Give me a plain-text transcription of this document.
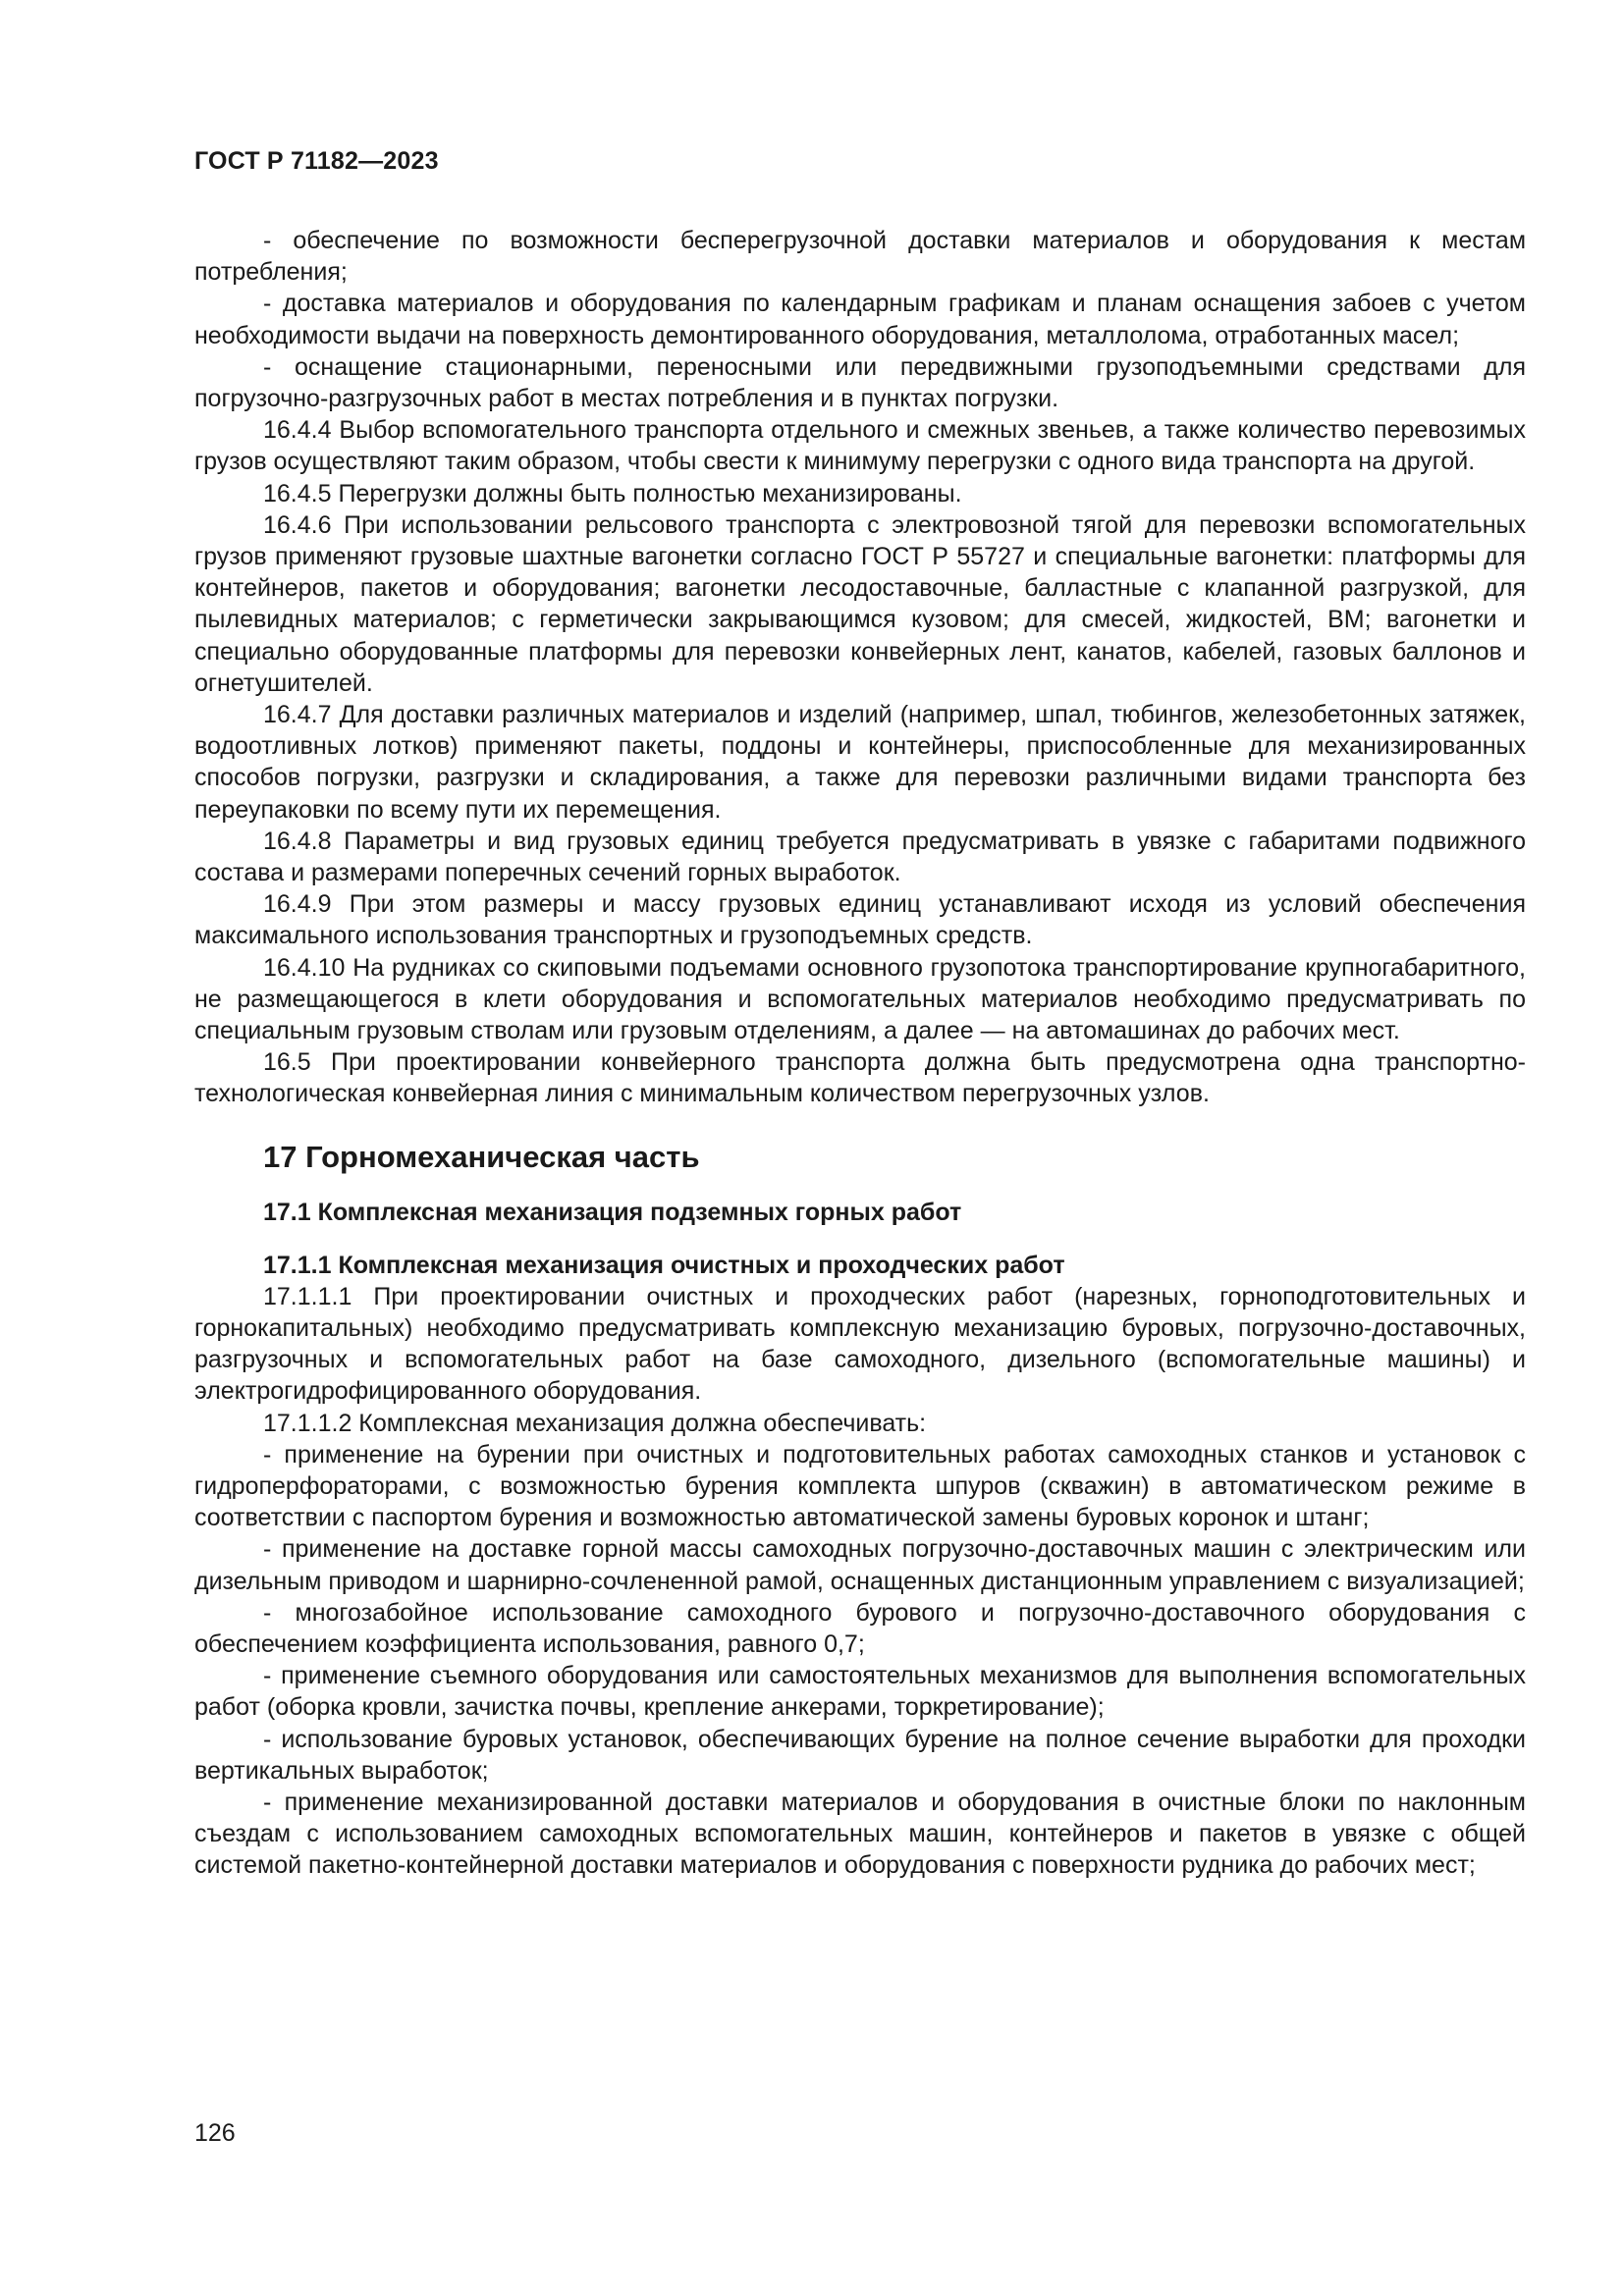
ГОСТ Р 71182—2023

- обеспечение по возможности бесперегрузочной доставки материалов и оборудования к местам потребления;

- доставка материалов и оборудования по календарным графикам и планам оснащения забоев с учетом необходимости выдачи на поверхность демонтированного оборудования, металлолома, отработанных масел;

- оснащение стационарными, переносными или передвижными грузоподъемными средствами для погрузочно-разгрузочных работ в местах потребления и в пунктах погрузки.

16.4.4 Выбор вспомогательного транспорта отдельного и смежных звеньев, а также количество перевозимых грузов осуществляют таким образом, чтобы свести к минимуму перегрузки с одного вида транспорта на другой.

16.4.5 Перегрузки должны быть полностью механизированы.

16.4.6 При использовании рельсового транспорта с электровозной тягой для перевозки вспомогательных грузов применяют грузовые шахтные вагонетки согласно ГОСТ Р 55727 и специальные вагонетки: платформы для контейнеров, пакетов и оборудования; вагонетки лесодоставочные, балластные с клапанной разгрузкой, для пылевидных материалов; с герметически закрывающимся кузовом; для смесей, жидкостей, ВМ; вагонетки и специально оборудованные платформы для перевозки конвейерных лент, канатов, кабелей, газовых баллонов и огнетушителей.

16.4.7 Для доставки различных материалов и изделий (например, шпал, тюбингов, железобетонных затяжек, водоотливных лотков) применяют пакеты, поддоны и контейнеры, приспособленные для механизированных способов погрузки, разгрузки и складирования, а также для перевозки различными видами транспорта без переупаковки по всему пути их перемещения.

16.4.8 Параметры и вид грузовых единиц требуется предусматривать в увязке с габаритами подвижного состава и размерами поперечных сечений горных выработок.

16.4.9 При этом размеры и массу грузовых единиц устанавливают исходя из условий обеспечения максимального использования транспортных и грузоподъемных средств.

16.4.10 На рудниках со скиповыми подъемами основного грузопотока транспортирование крупногабаритного, не размещающегося в клети оборудования и вспомогательных материалов необходимо предусматривать по специальным грузовым стволам или грузовым отделениям, а далее — на автомашинах до рабочих мест.

16.5 При проектировании конвейерного транспорта должна быть предусмотрена одна транспортно-технологическая конвейерная линия с минимальным количеством перегрузочных узлов.

17 Горномеханическая часть
17.1 Комплексная механизация подземных горных работ
17.1.1 Комплексная механизация очистных и проходческих работ

17.1.1.1 При проектировании очистных и проходческих работ (нарезных, горноподготовительных и горнокапитальных) необходимо предусматривать комплексную механизацию буровых, погрузочно-доставочных, разгрузочных и вспомогательных работ на базе самоходного, дизельного (вспомогательные машины) и электрогидрофицированного оборудования.

17.1.1.2 Комплексная механизация должна обеспечивать:

- применение на бурении при очистных и подготовительных работах самоходных станков и установок с гидроперфораторами, с возможностью бурения комплекта шпуров (скважин) в автоматическом режиме в соответствии с паспортом бурения и возможностью автоматической замены буровых коронок и штанг;

- применение на доставке горной массы самоходных погрузочно-доставочных машин с электрическим или дизельным приводом и шарнирно-сочлененной рамой, оснащенных дистанционным управлением с визуализацией;

- многозабойное использование самоходного бурового и погрузочно-доставочного оборудования с обеспечением коэффициента использования, равного 0,7;

- применение съемного оборудования или самостоятельных механизмов для выполнения вспомогательных работ (оборка кровли, зачистка почвы, крепление анкерами, торкретирование);

- использование буровых установок, обеспечивающих бурение на полное сечение выработки для проходки вертикальных выработок;

- применение механизированной доставки материалов и оборудования в очистные блоки по наклонным съездам с использованием самоходных вспомогательных машин, контейнеров и пакетов в увязке с общей системой пакетно-контейнерной доставки материалов и оборудования с поверхности рудника до рабочих мест;

126
